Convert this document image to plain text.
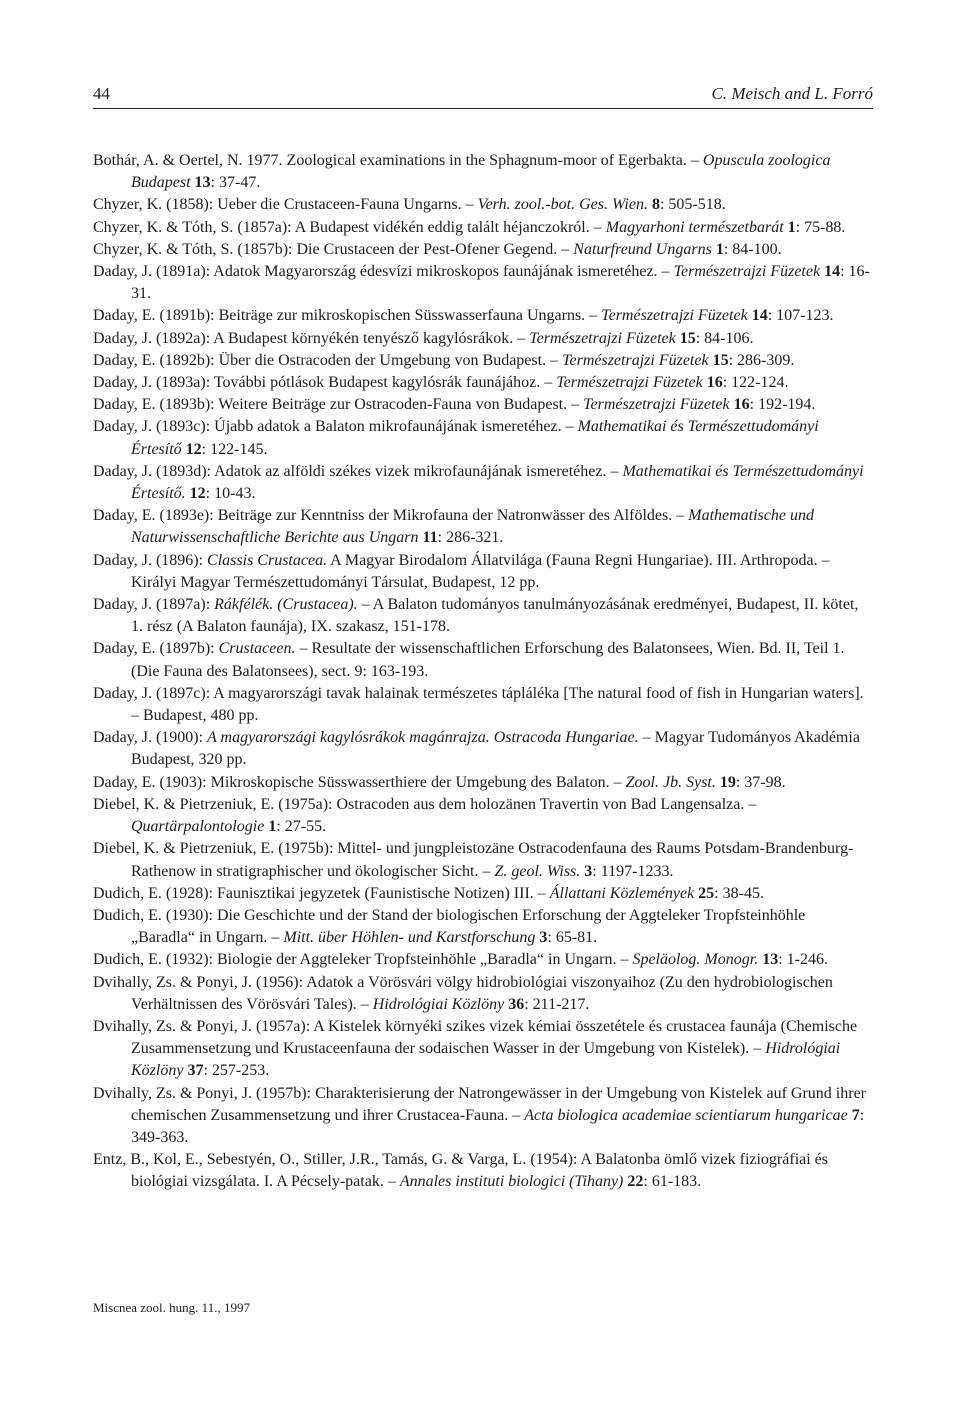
44	C. Meisch and L. Forró
Bothár, A. & Oertel, N. 1977. Zoological examinations in the Sphagnum-moor of Egerbakta. – Opuscula zoologica Budapest 13: 37-47.
Chyzer, K. (1858): Ueber die Crustaceen-Fauna Ungarns. – Verh. zool.-bot. Ges. Wien. 8: 505-518.
Chyzer, K. & Tóth, S. (1857a): A Budapest vidékén eddig talált héjanczokról. – Magyarhoni természetbarát 1: 75-88.
Chyzer, K. & Tóth, S. (1857b): Die Crustaceen der Pest-Ofener Gegend. – Naturfreund Ungarns 1: 84-100.
Daday, J. (1891a): Adatok Magyarország édesvízi mikroskopos faunájának ismeretéhez. – Természetrajzi Füzetek 14: 16-31.
Daday, E. (1891b): Beiträge zur mikroskopischen Süsswasserfauna Ungarns. – Természetrajzi Füzetek 14: 107-123.
Daday, J. (1892a): A Budapest környékén tenyésző kagylósrákok. – Természetrajzi Füzetek 15: 84-106.
Daday, E. (1892b): Über die Ostracoden der Umgebung von Budapest. – Természetrajzi Füzetek 15: 286-309.
Daday, J. (1893a): További pótlások Budapest kagylósrák faunájához. – Természetrajzi Füzetek 16: 122-124.
Daday, E. (1893b): Weitere Beiträge zur Ostracoden-Fauna von Budapest. – Természetrajzi Füzetek 16: 192-194.
Daday, J. (1893c): Újabb adatok a Balaton mikrofaunájának ismeretéhez. – Mathematikai és Természettudományi Értesítő 12: 122-145.
Daday, J. (1893d): Adatok az alföldi székes vizek mikrofaunájának ismeretéhez. – Mathematikai és Természettudományi Értesítő. 12: 10-43.
Daday, E. (1893e): Beiträge zur Kenntniss der Mikrofauna der Natronwässer des Alföldes. – Mathematische und Naturwissenschaftliche Berichte aus Ungarn 11: 286-321.
Daday, J. (1896): Classis Crustacea. A Magyar Birodalom Állatvilága (Fauna Regni Hungariae). III. Arthropoda. – Királyi Magyar Természettudományi Társulat, Budapest, 12 pp.
Daday, J. (1897a): Rákfélék. (Crustacea). – A Balaton tudományos tanulmányozásának eredményei, Budapest, II. kötet, 1. rész (A Balaton faunája), IX. szakasz, 151-178.
Daday, E. (1897b): Crustaceen. – Resultate der wissenschaftlichen Erforschung des Balatonsees, Wien. Bd. II, Teil 1. (Die Fauna des Balatonsees), sect. 9: 163-193.
Daday, J. (1897c): A magyarországi tavak halainak természetes tápláléka [The natural food of fish in Hungarian waters]. – Budapest, 480 pp.
Daday, J. (1900): A magyarországi kagylósrákok magánrajza. Ostracoda Hungariae. – Magyar Tudományos Akadémia Budapest, 320 pp.
Daday, E. (1903): Mikroskopische Süsswasserthiere der Umgebung des Balaton. – Zool. Jb. Syst. 19: 37-98.
Diebel, K. & Pietrzeniuk, E. (1975a): Ostracoden aus dem holozänen Travertin von Bad Langensalza. – Quartärpalontologie 1: 27-55.
Diebel, K. & Pietrzeniuk, E. (1975b): Mittel- und jungpleistozäne Ostracodenfauna des Raums Potsdam-Brandenburg-Rathenow in stratigraphischer und ökologischer Sicht. – Z. geol. Wiss. 3: 1197-1233.
Dudich, E. (1928): Faunisztikai jegyzetek (Faunistische Notizen) III. – Állattani Közlemények 25: 38-45.
Dudich, E. (1930): Die Geschichte und der Stand der biologischen Erforschung der Aggteleker Tropfsteinhöhle „Baradla“ in Ungarn. – Mitt. über Höhlen- und Karstforschung 3: 65-81.
Dudich, E. (1932): Biologie der Aggteleker Tropfsteinhöhle „Baradla“ in Ungarn. – Speläolog. Monogr. 13: 1-246.
Dvihally, Zs. & Ponyi, J. (1956): Adatok a Vörösvári völgy hidrobiológiai viszonyaihoz (Zu den hydrobiologischen Verhältnissen des Vörösvári Tales). – Hidrológiai Közlöny 36: 211-217.
Dvihally, Zs. & Ponyi, J. (1957a): A Kistelek környéki szikes vizek kémiai összetétele és crustacea faunája (Chemische Zusammensetzung und Krustaceenfauna der sodaischen Wasser in der Umgebung von Kistelek). – Hidrológiai Közlöny 37: 257-253.
Dvihally, Zs. & Ponyi, J. (1957b): Charakterisierung der Natrongewässer in der Umgebung von Kistelek auf Grund ihrer chemischen Zusammensetzung und ihrer Crustacea-Fauna. – Acta biologica academiae scientiarum hungaricae 7: 349-363.
Entz, B., Kol, E., Sebestyén, O., Stiller, J.R., Tamás, G. & Varga, L. (1954): A Balatonba ömlő vizek fiziográfiai és biológiai vizsgálata. I. A Pécsely-patak. – Annales instituti biologici (Tihany) 22: 61-183.
Miscnea zool. hung. 11., 1997
